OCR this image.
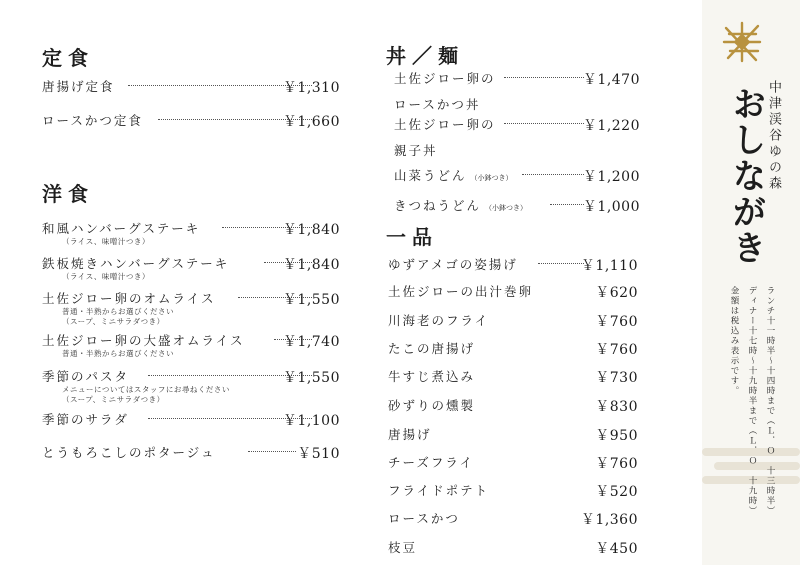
定食
唐揚げ定食	￥1,310
ロースかつ定食	￥1,660
洋食
和風ハンバーグステーキ	￥1,840
（ライス、味噌汁つき）
鉄板焼きハンバーグステーキ	￥1,840
（ライス、味噌汁つき）
土佐ジロー卵のオムライス	￥1,550
普通・半熟からお選びください
（スープ、ミニサラダつき）
土佐ジロー卵の大盛オムライス	￥1,740
普通・半熟からお選びください
季節のパスタ	￥1,550
メニューについてはスタッフにお尋ねください
（スープ、ミニサラダつき）
季節のサラダ	￥1,100
とうもろこしのポタージュ	￥510
丼／麺
土佐ジロー卵の	￥1,470
ロースかつ丼
土佐ジロー卵の	￥1,220
親子丼
山菜うどん （小鉢つき）	￥1,200
きつねうどん （小鉢つき）	￥1,000
一品
ゆずアメゴの姿揚げ	￥1,110
土佐ジローの出汁巻卵	￥620
川海老のフライ	￥760
たこの唐揚げ	￥760
牛すじ煮込み	￥730
砂ずりの燻製	￥830
唐揚げ	￥950
チーズフライ	￥760
フライドポテト	￥520
ロースかつ	￥1,360
枝豆	￥450
中津渓谷ゆの森
おしながき
ランチ十一時半〜十四時まで（Ｌ．Ｏ　十三時半）
ディナー十七時〜十九時半まで（Ｌ．Ｏ　十九時）
金額は税込み表示です。
